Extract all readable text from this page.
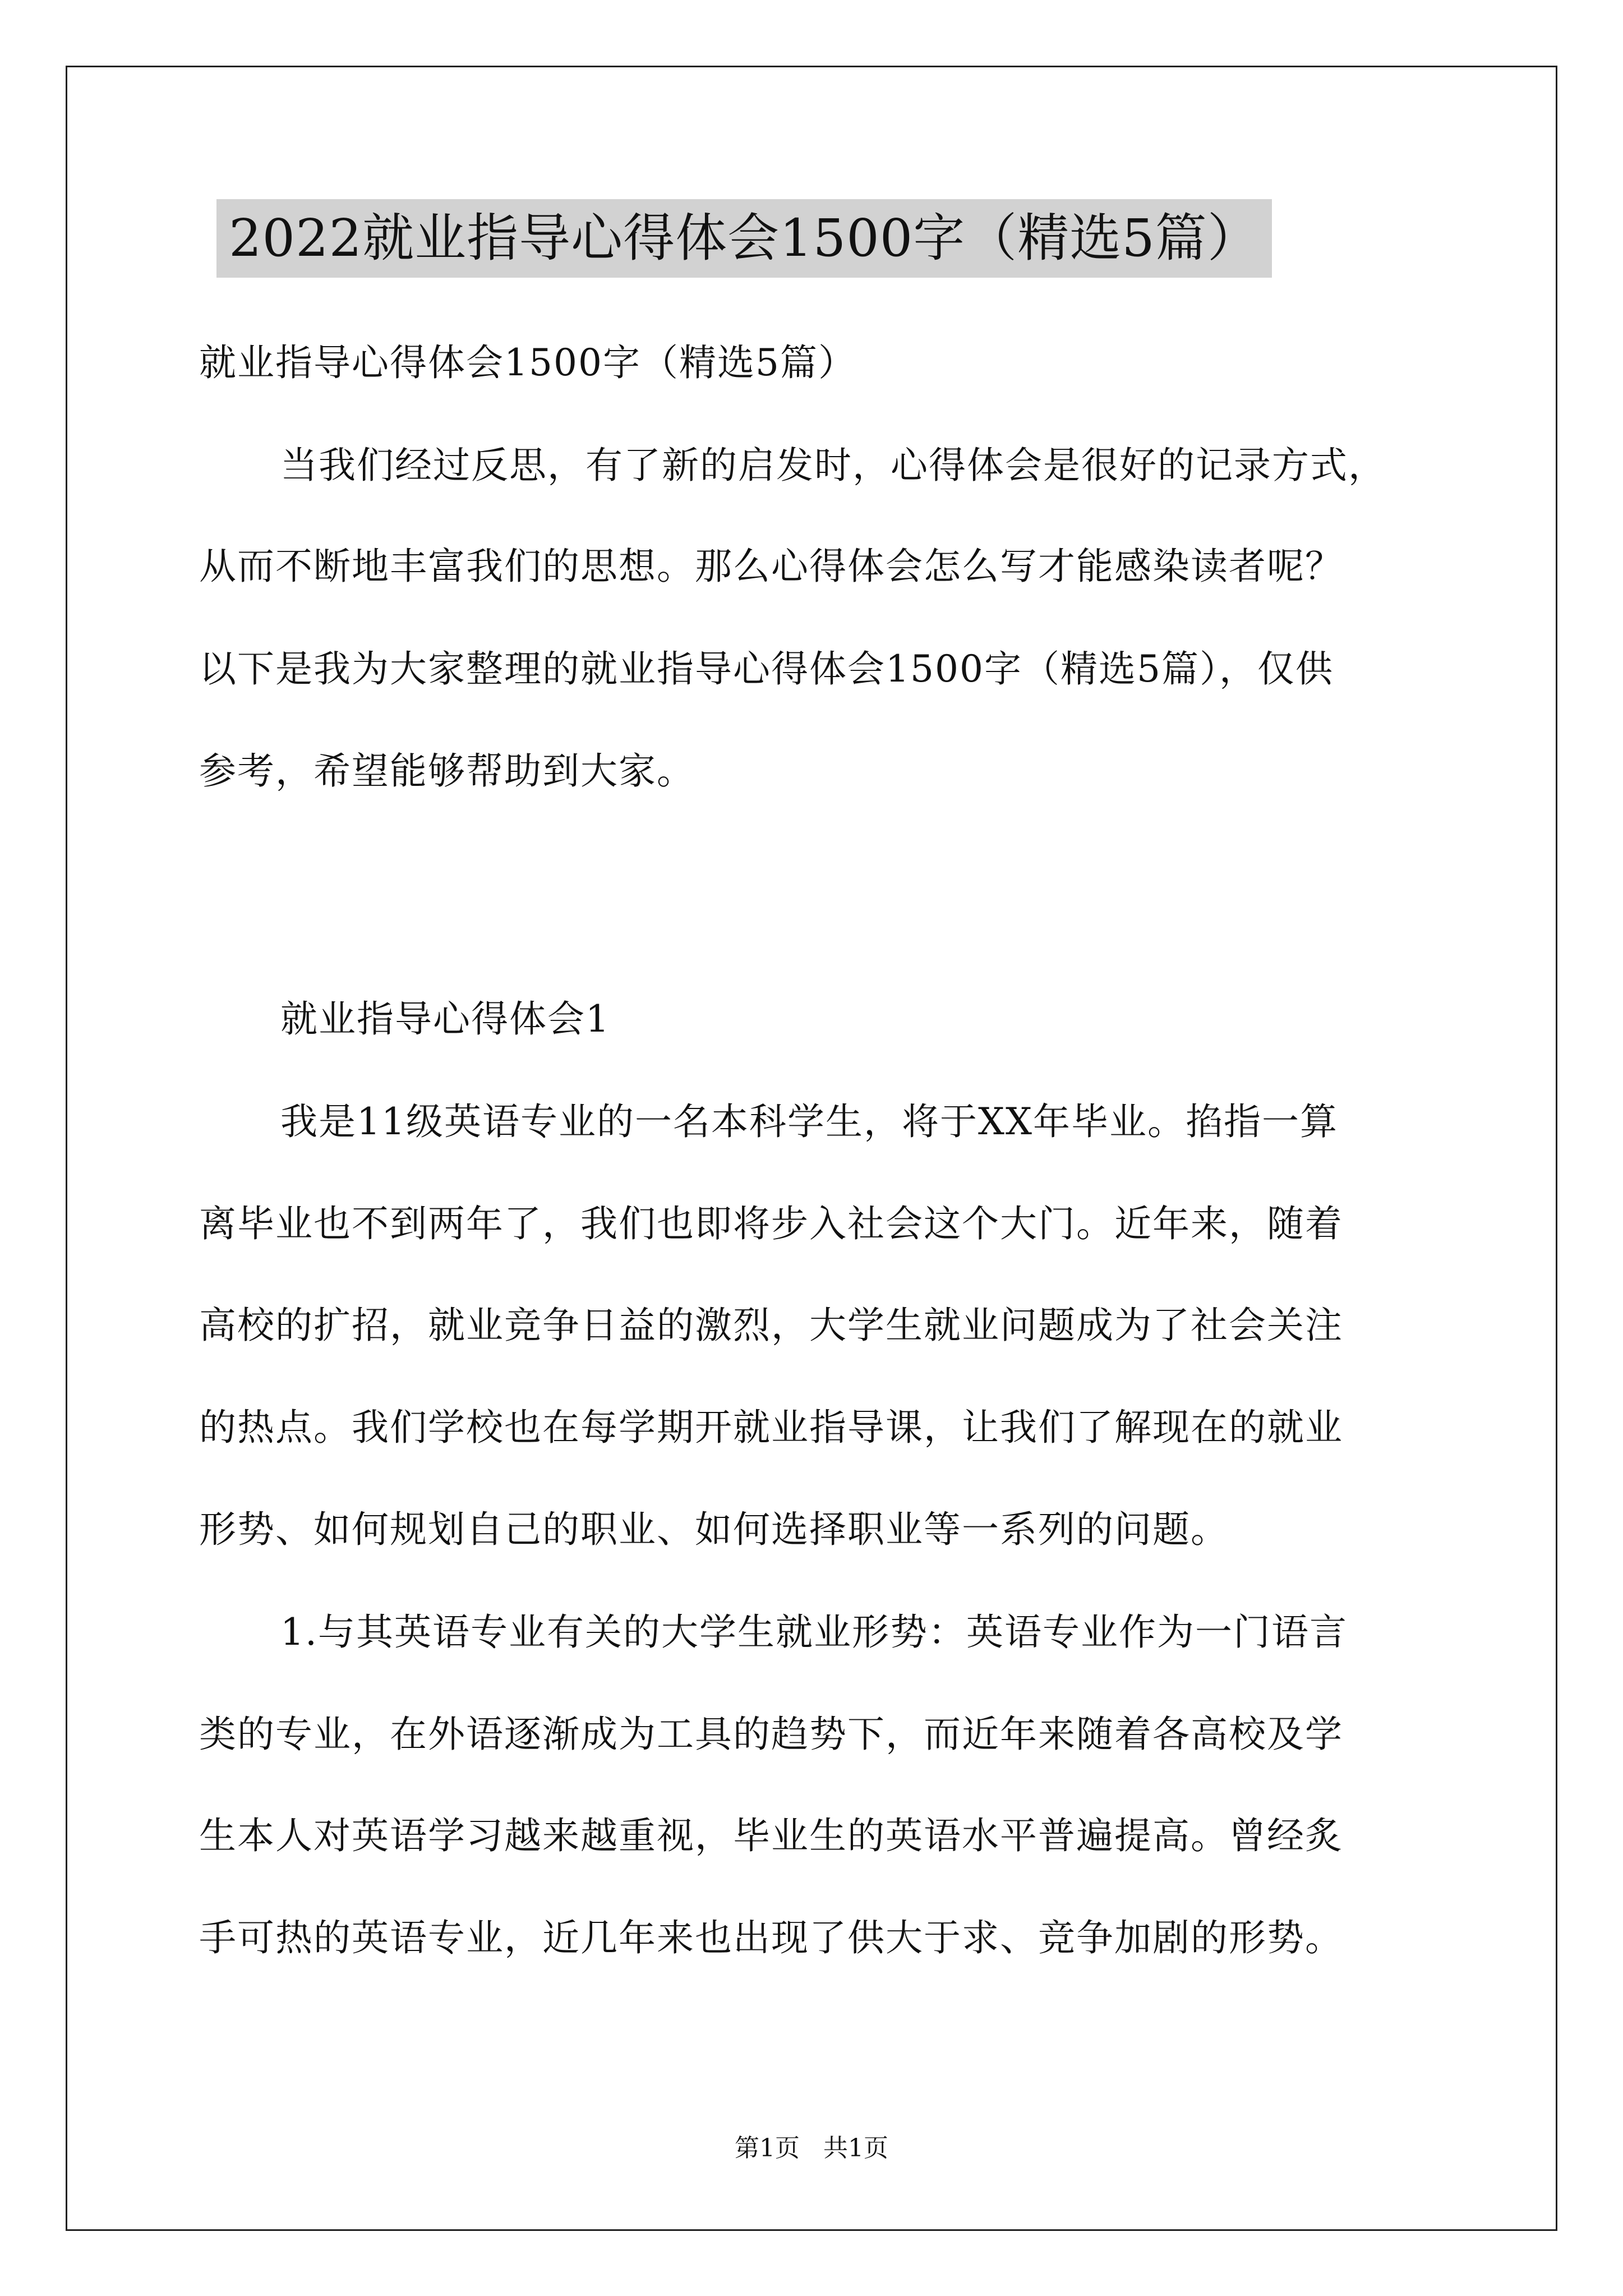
2022就业指导心得体会1500字（精选5篇）
就业指导心得体会1500字（精选5篇）
当我们经过反思，有了新的启发时，心得体会是很好的记录方式，
从而不断地丰富我们的思想。那么心得体会怎么写才能感染读者呢？
以下是我为大家整理的就业指导心得体会1500字（精选5篇），仅供
参考，希望能够帮助到大家。
就业指导心得体会1
我是11级英语专业的一名本科学生，将于XX年毕业。掐指一算
离毕业也不到两年了，我们也即将步入社会这个大门。近年来，随着
高校的扩招，就业竞争日益的激烈，大学生就业问题成为了社会关注
的热点。我们学校也在每学期开就业指导课，让我们了解现在的就业
形势、如何规划自己的职业、如何选择职业等一系列的问题。
1.与其英语专业有关的大学生就业形势：英语专业作为一门语言
类的专业，在外语逐渐成为工具的趋势下，而近年来随着各高校及学
生本人对英语学习越来越重视，毕业生的英语水平普遍提高。曾经炙
手可热的英语专业，近几年来也出现了供大于求、竞争加剧的形势。
第1页   共1页
